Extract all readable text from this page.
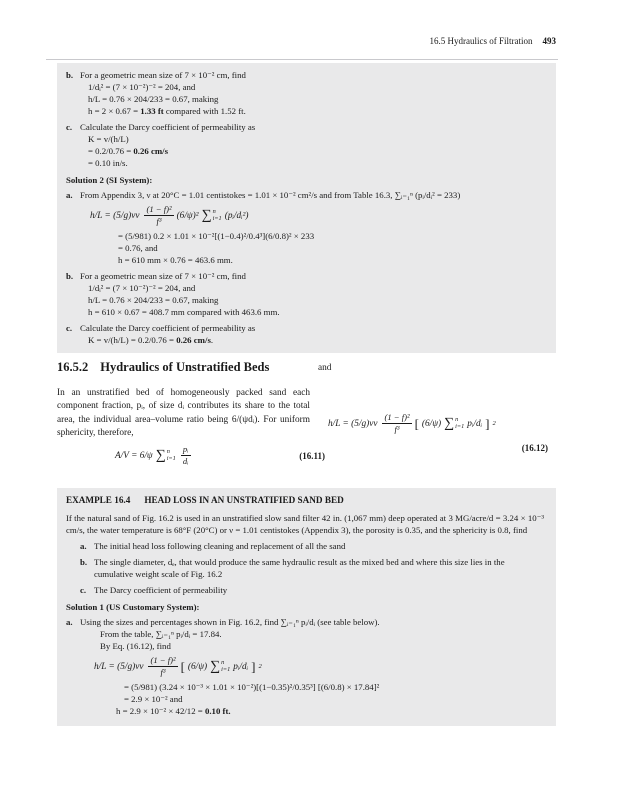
16.5 Hydraulics of Filtration 493
b. For a geometric mean size of 7 × 10⁻² cm, find
1/dᵢ² = (7 × 10⁻²)⁻² = 204, and
h/L = 0.76 × 204/233 = 0.67, making
h = 2 × 0.67 = 1.33 ft compared with 1.52 ft.
c. Calculate the Darcy coefficient of permeability as
K = v/(h/L)
= 0.2/0.76 = 0.26 cm/s
= 0.10 in/s.
Solution 2 (SI System):
a. From Appendix 3, ν at 20°C = 1.01 centistokes = 1.01 × 10⁻² cm²/s and from Table 16.3, ∑ᵢ₌₁ⁿ (pᵢ/dᵢ² = 233)
$h/L = (5/g)\nu v \frac{\text{(1 − f)²}}{\text{f³}} (6/\psi)^2$ ∑ n
i=1 (pᵢ/dᵢ²)
= (5/981) 0.2 × 1.01 × 10⁻²[(1−0.4)²/0.4³](6/0.8)² × 233
= 0.76, and
h = 610 mm × 0.76 = 463.6 mm.
b. For a geometric mean size of 7 × 10⁻² cm, find
1/dᵢ² = (7 × 10⁻²)⁻² = 204, and
h/L = 0.76 × 204/233 = 0.67, making
h = 610 × 0.67 = 408.7 mm compared with 463.6 mm.
c. Calculate the Darcy coefficient of permeability as
K = v/(h/L) = 0.2/0.76 = 0.26 cm/s.
16.5.2 Hydraulics of Unstratified Beds	and
In an unstratified bed of homogeneously packed sand each component fraction, pᵢ, of size dᵢ contributes its share to the total area, the individual area–volume ratio being 6/(ψdᵢ). For uniform sphericity, therefore,
A/V = 6/ψ ∑ n
$i=1 \frac{\text{pᵢ}}{\text{dᵢ}}$	(16.11)
$h/L = (5/g)\nu v \frac{\text{(1 − f)²}}{\text{f³}}$ [ (6/ψ) ∑ n
i=1 pᵢ/dᵢ ] 2
(16.12)
EXAMPLE 16.4 HEAD LOSS IN AN UNSTRATIFIED SAND BED
If the natural sand of Fig. 16.2 is used in an unstratified slow sand filter 42 in. (1,067 mm) deep operated at 3 MG/acre/d = 3.24 × 10⁻³ cm/s, the water temperature is 68°F (20°C) or ν = 1.01 centistokes (Appendix 3), the porosity is 0.35, and the sphericity is 0.8, find
a. The initial head loss following cleaning and replacement of all the sand
b. The single diameter, dₑ, that would produce the same hydraulic result as the mixed bed and where this size lies in the cumulative weight scale of Fig. 16.2
c. The Darcy coefficient of permeability
Solution 1 (US Customary System):
a. Using the sizes and percentages shown in Fig. 16.2, find ∑ᵢ₌₁ⁿ pᵢ/dᵢ (see table below).
From the table, ∑ᵢ₌₁ⁿ pᵢ/dᵢ = 17.84.
By Eq. (16.12), find
$h/L = (5/g)\nu v \frac{\text{(1 − f)²}}{\text{f³}}$ [ (6/ψ) ∑ n
i=1 pᵢ/dᵢ ] 2
= (5/981) (3.24 × 10⁻³ × 1.01 × 10⁻²)[(1−0.35)²/0.35³] [(6/0.8) × 17.84]²
= 2.9 × 10⁻² and
h = 2.9 × 10⁻² × 42/12 = 0.10 ft.
